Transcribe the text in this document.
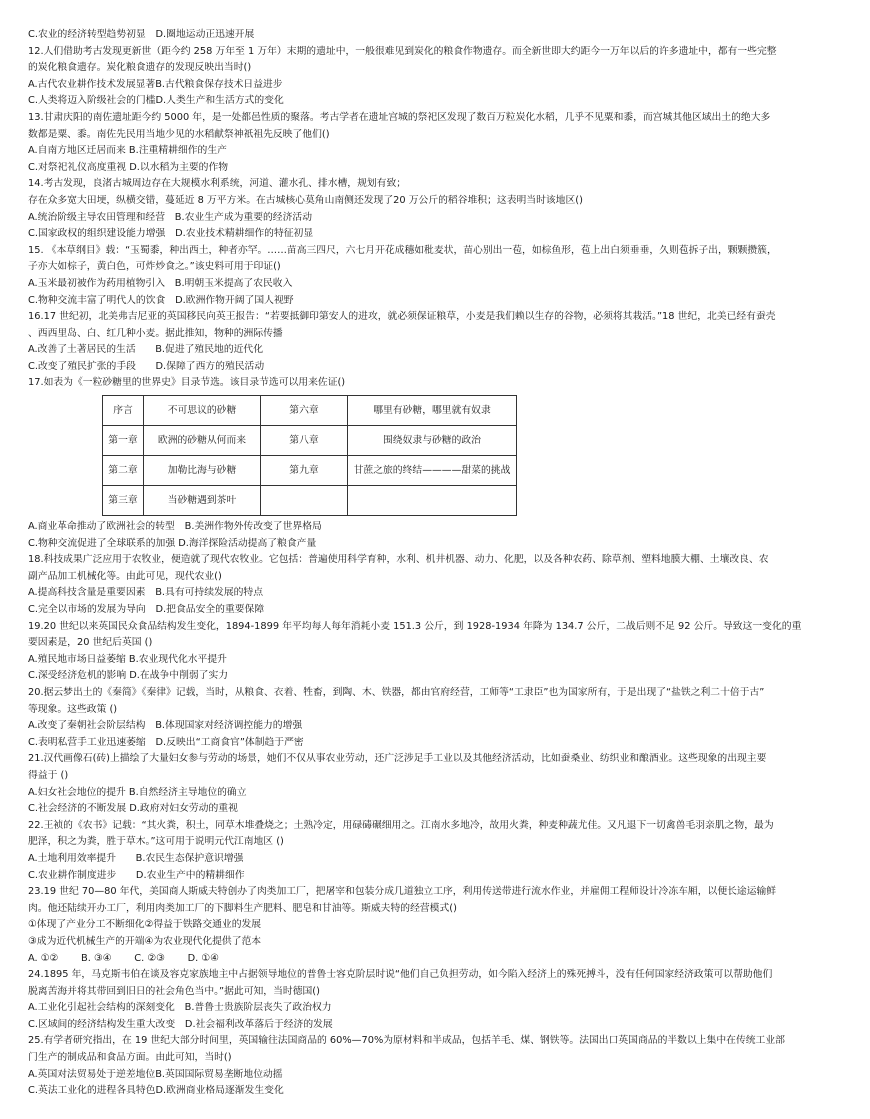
C.农业的经济转型趋势初显　D.圈地运动正迅速开展
12.人们借助考古发现更新世（距今约 258 万年至 1 万年）末期的遗址中，一般很难见到炭化的粮食作物遗存。而全新世即大约距今一万年以后的许多遗址中，都有一些完整
的炭化粮食遗存。炭化粮食遗存的发现反映出当时()
A.古代农业耕作技术发展显著B.古代粮食保存技术日益进步
C.人类将迈入阶级社会的门槛D.人类生产和生活方式的变化
13.甘肃庆阳的南佐遗址距今约 5000 年，是一处都邑性质的聚落。考古学者在遗址宫城的祭祀区发现了数百万粒炭化水稻，几乎不见粟和黍，而宫城其他区域出土的绝大多
数都是粟、黍。南佐先民用当地少见的水稻献祭神祇祖先反映了他们()
A.自南方地区迁居而来 B.注重精耕细作的生产
C.对祭祀礼仪高度重视 D.以水稻为主要的作物
14.考古发现，良渚古城周边存在大规模水利系统，河道、灌水孔、排水槽，规划有致；
存在众多宽大田埂，纵横交错，蔓延近 8 万平方米。在古城核心莫角山南侧还发现了20 万公斤的稻谷堆积；这表明当时该地区()
A.统治阶级主导农田管理和经营　B.农业生产成为重要的经济活动
C.国家政权的组织建设能力增强　D.农业技术精耕细作的特征初显
15. 《本草纲目》载：“玉蜀黍，种出西土，种者亦罕。……苗高三四尺，六七月开花成穗如秕麦状，苗心别出一苞，如棕鱼形，苞上出白须垂垂，久则苞拆子出，颗颗攒簇，
子亦大如棕子，黄白色，可炸炒食之。”该史料可用于印证()
A.玉米最初被作为药用植物引入　B.明朝玉米提高了农民收入
C.物种交流丰富了明代人的饮食　D.欧洲作物开阔了国人视野
16.17 世纪初，北美弗吉尼亚的英国移民向英王报告：“若要抵御印第安人的进攻，就必须保证粮草，小麦是我们赖以生存的谷物，必须将其栽活。”18 世纪，北美已经有蚕壳
、西西里岛、白、红几种小麦。据此推知，物种的洲际传播
A.改善了土著居民的生活　　B.促进了殖民地的近代化
C.改变了殖民扩张的手段　　D.保障了西方的殖民活动
17.如表为《一粒砂糖里的世界史》目录节选。该目录节选可以用来佐证()
序言	不可思议的砂糖	第六章	哪里有砂糖，哪里就有奴隶
第一章	欧洲的砂糖从何而来	第八章	围绕奴隶与砂糖的政治
第二章	加勒比海与砂糖	第九章	甘蔗之旅的终结————甜菜的挑战
第三章	当砂糖遇到茶叶		
A.商业革命推动了欧洲社会的转型　B.美洲作物外传改变了世界格局
C.物种交流促进了全球联系的加强 D.海洋探险活动提高了粮食产量
18.科技成果广泛应用于农牧业，便造就了现代农牧业。它包括：普遍使用科学育种，水利、机井机器、动力、化肥，以及各种农药、除草剂、塑料地膜大棚、土壤改良、农
副产品加工机械化等。由此可见，现代农业()
A.提高科技含量是重要因素　B.具有可持续发展的特点
C.完全以市场的发展为导向　D.把食品安全的重要保障
19.20 世纪以来英国民众食品结构发生变化，1894-1899 年平均每人每年消耗小麦 151.3 公斤，到 1928-1934 年降为 134.7 公斤，二战后则不足 92 公斤。导致这一变化的重
要因素是，20 世纪后英国 ()
A.殖民地市场日益萎缩 B.农业现代化水平提升
C.深受经济危机的影响 D.在战争中削弱了实力
20.据云梦出土的《秦简》《秦律》记载，当时，从粮食、衣着、牲畜，到陶、木、铁器，都由官府经营，工师等“工隶臣”也为国家所有，于是出现了“盐铁之利二十倍于古”
等现象。这些政策 ()
A.改变了秦朝社会阶层结构　B.体现国家对经济调控能力的增强
C.表明私营手工业迅速萎缩　D.反映出“工商食官”体制趋于严密
21.汉代画像石(砖)上描绘了大量妇女参与劳动的场景，她们不仅从事农业劳动，还广泛涉足手工业以及其他经济活动，比如蚕桑业、纺织业和酿酒业。这些现象的出现主要
得益于 ()
A.妇女社会地位的提升 B.自然经济主导地位的确立
C.社会经济的不断发展 D.政府对妇女劳动的重视
22.王祯的《农书》记载：“其火粪，积土，同草木堆叠烧之；土熟冷定，用碌碡碾细用之。江南水多地冷，故用火粪，种麦种蔬尤佳。又凡退下一切禽兽毛羽亲肌之物，最为
肥泽，积之为粪，胜于草木。”这可用于说明元代江南地区 ()
A.土地利用效率提升　　B.农民生态保护意识增强
C.农业耕作制度进步　　D.农业生产中的精耕细作
23.19 世纪 70—80 年代，美国商人斯威夫特创办了肉类加工厂，把屠宰和包装分成几道独立工序，利用传送带进行流水作业，并雇佣工程师设计冷冻车厢，以便长途运输鲜
肉。他还陆续开办工厂，利用肉类加工厂的下脚料生产肥料、肥皂和甘油等。斯威夫特的经营模式()
①体现了产业分工不断细化②得益于铁路交通业的发展
③成为近代机械生产的开端④为农业现代化提供了范本
A. ①②　　 B. ③④　　 C. ②③　　 D. ①④
24.1895 年，马克斯韦伯在谈及容克家族地主中占据领导地位的普鲁士容克阶层时说“他们自己负担劳动，如今陷入经济上的殊死搏斗，没有任何国家经济政策可以帮助他们
脱离苦海并将其带回到旧日的社会角色当中。”据此可知，当时德国()
A.工业化引起社会结构的深刻变化　B.普鲁士贵族阶层丧失了政治权力
C.区域间的经济结构发生重大改变　D.社会福利改革落后于经济的发展
25.有学者研究指出，在 19 世纪大部分时间里，英国输往法国商品的 60%—70%为原材料和半成品，包括羊毛、煤、钢铁等。法国出口英国商品的半数以上集中在传统工业部
门生产的制成品和食品方面。由此可知，当时()
A.英国对法贸易处于逆差地位B.英国国际贸易垄断地位动摇
C.英法工业化的进程各具特色D.欧洲商业格局逐渐发生变化
